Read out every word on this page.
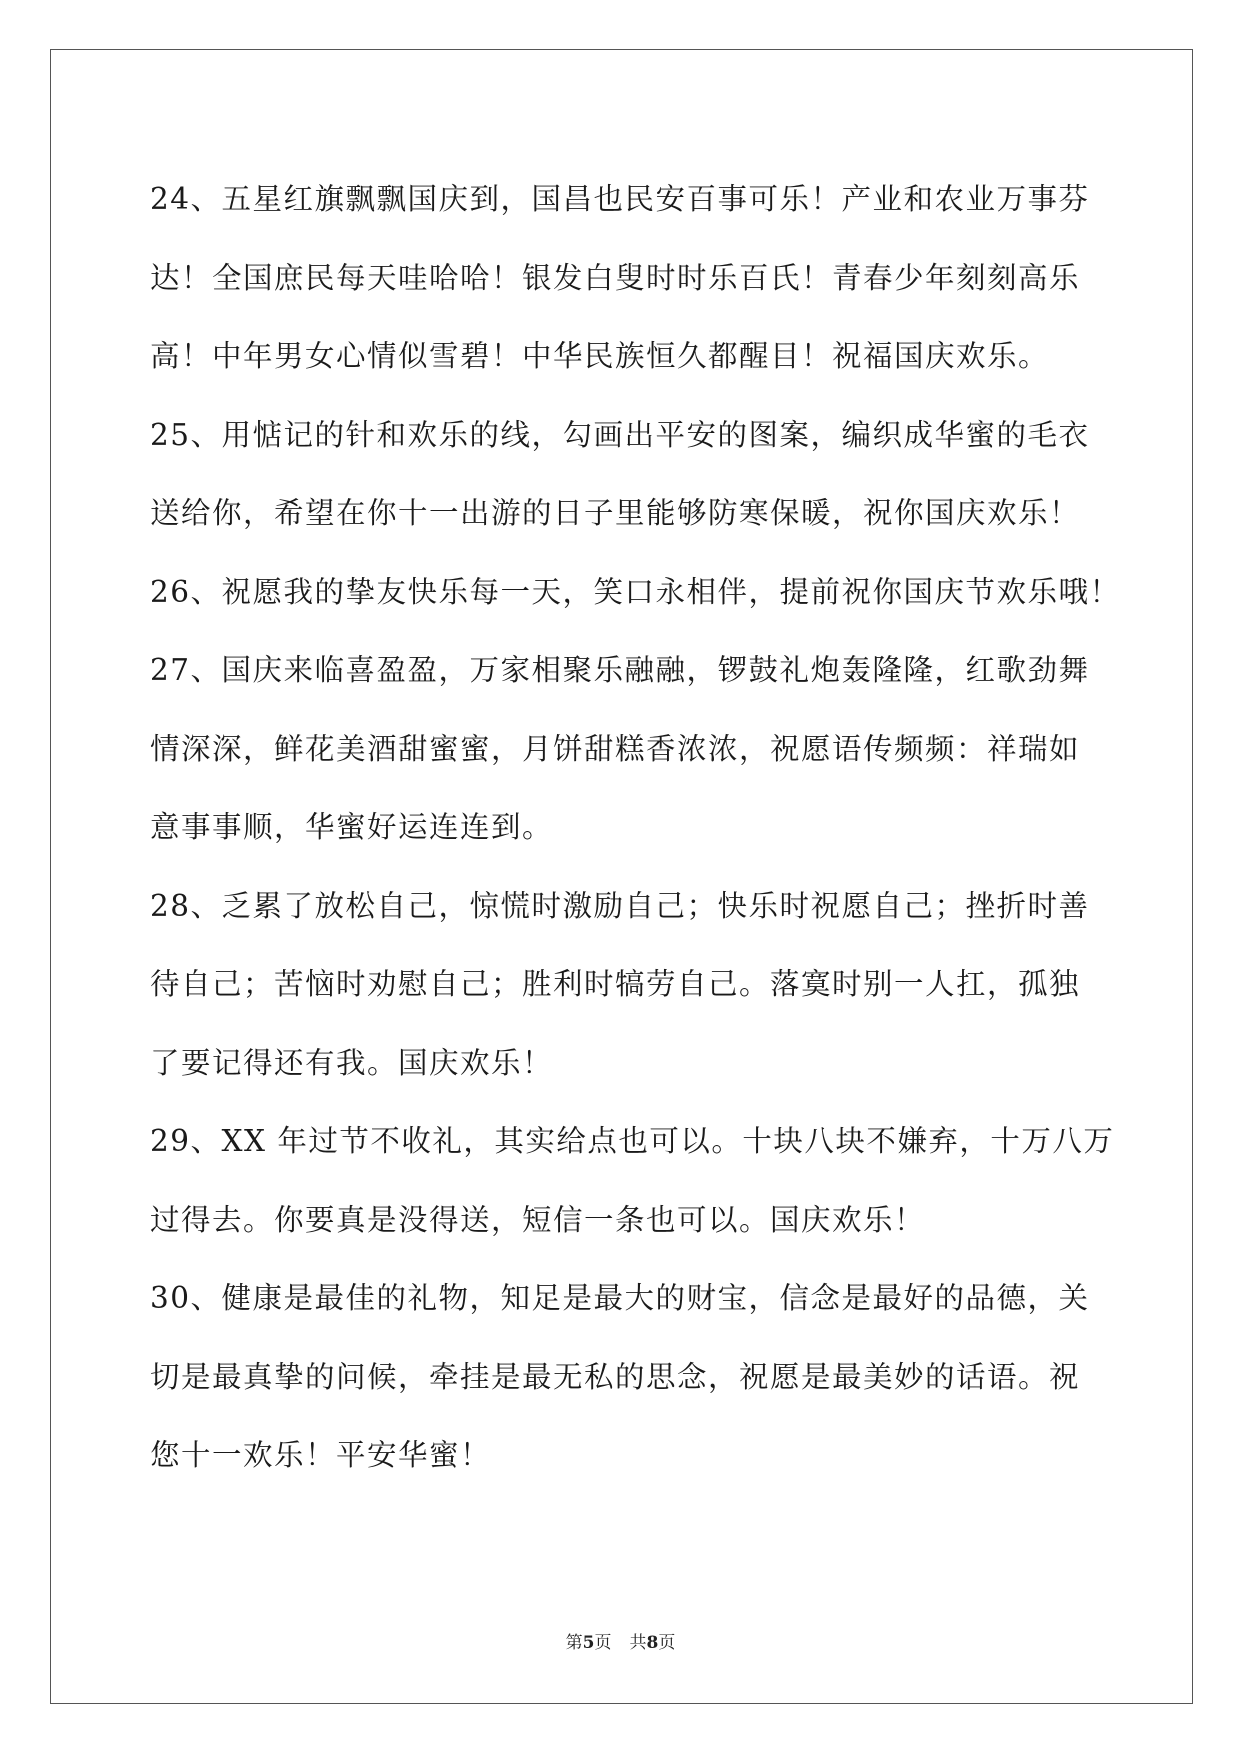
24、五星红旗飘飘国庆到，国昌也民安百事可乐！产业和农业万事芬
达！全国庶民每天哇哈哈！银发白叟时时乐百氏！青春少年刻刻高乐
高！中年男女心情似雪碧！中华民族恒久都醒目！祝福国庆欢乐。
25、用惦记的针和欢乐的线，勾画出平安的图案，编织成华蜜的毛衣
送给你，希望在你十一出游的日子里能够防寒保暖，祝你国庆欢乐！
26、祝愿我的挚友快乐每一天，笑口永相伴，提前祝你国庆节欢乐哦！
27、国庆来临喜盈盈，万家相聚乐融融，锣鼓礼炮轰隆隆，红歌劲舞
情深深，鲜花美酒甜蜜蜜，月饼甜糕香浓浓，祝愿语传频频：祥瑞如
意事事顺，华蜜好运连连到。
28、乏累了放松自己，惊慌时激励自己；快乐时祝愿自己；挫折时善
待自己；苦恼时劝慰自己；胜利时犒劳自己。落寞时别一人扛，孤独
了要记得还有我。国庆欢乐！
29、XX 年过节不收礼，其实给点也可以。十块八块不嫌弃，十万八万
过得去。你要真是没得送，短信一条也可以。国庆欢乐！
30、健康是最佳的礼物，知足是最大的财宝，信念是最好的品德，关
切是最真挚的问候，牵挂是最无私的思念，祝愿是最美妙的话语。祝
您十一欢乐！平安华蜜！
第5页 共8页
